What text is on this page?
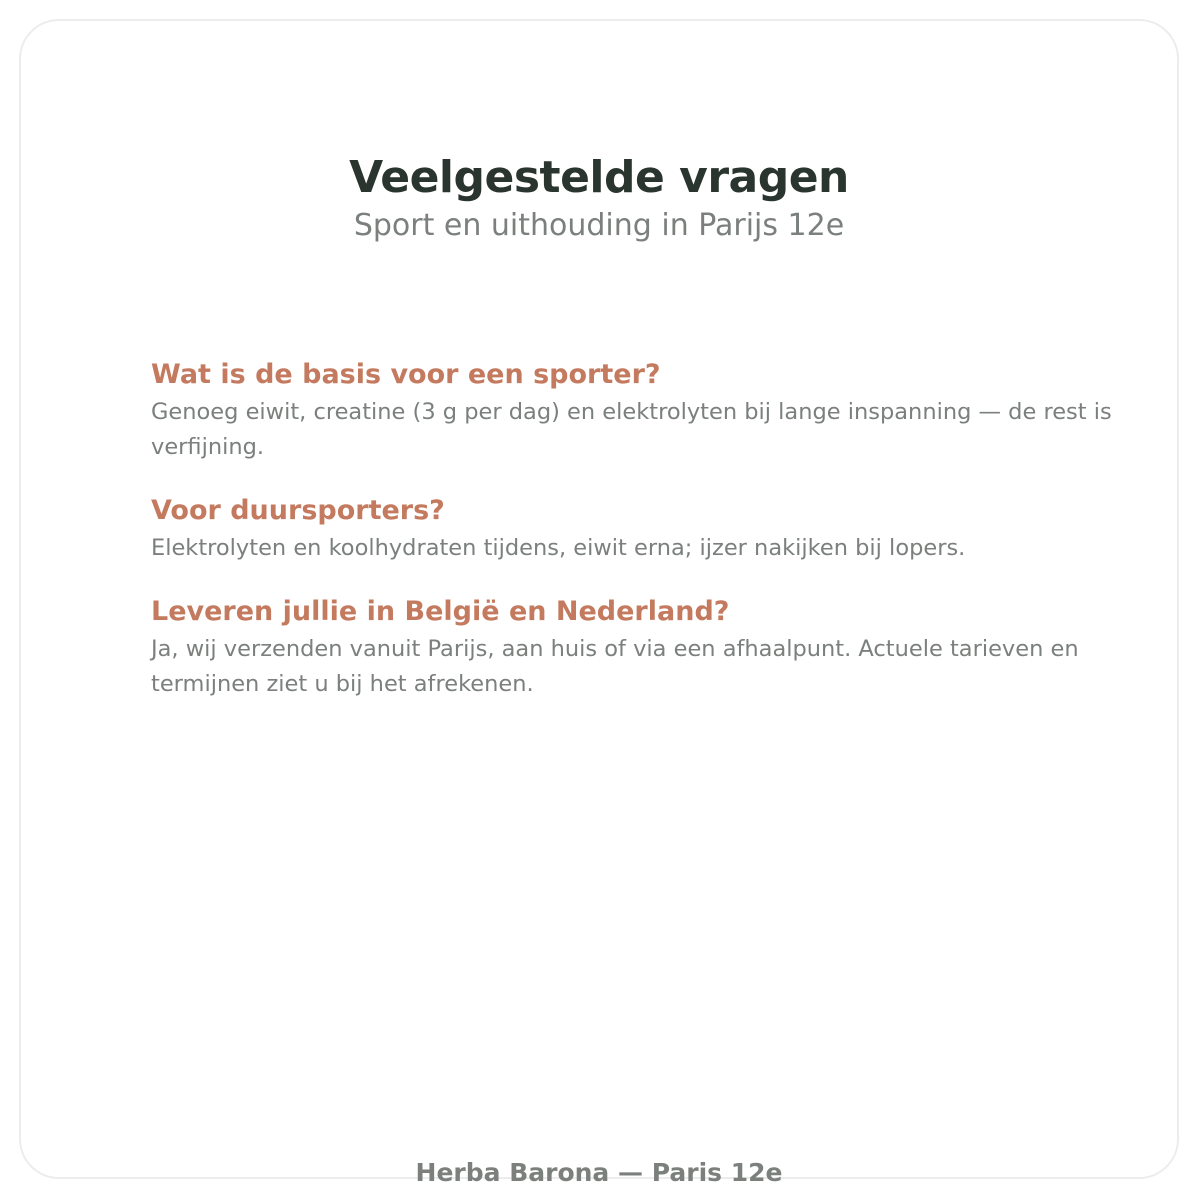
Veelgestelde vragen
Sport en uithouding in Parijs 12e

Wat is de basis voor een sporter?

Genoeg eiwit, creatine (3 g per dag) en elektrolyten bij lange inspanning — de rest is verfijning.

Voor duursporters?

Elektrolyten en koolhydraten tijdens, eiwit erna; ijzer nakijken bij lopers.

Leveren jullie in België en Nederland?

Ja, wij verzenden vanuit Parijs, aan huis of via een afhaalpunt. Actuele tarieven en termijnen ziet u bij het afrekenen.

Herba Barona — Paris 12e
